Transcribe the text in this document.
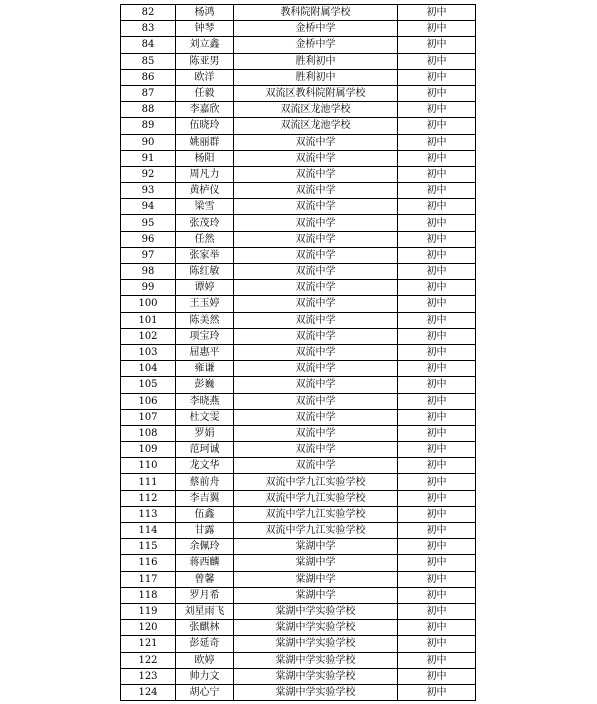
82	杨鸿	教科院附属学校	初中
83	钟琴	金桥中学	初中
84	刘立鑫	金桥中学	初中
85	陈亚男	胜利初中	初中
86	欧洋	胜利初中	初中
87	任毅	双流区教科院附属学校	初中
88	李嘉欣	双流区龙池学校	初中
89	伍晓玲	双流区龙池学校	初中
90	姚丽群	双流中学	初中
91	杨阳	双流中学	初中
92	周凡力	双流中学	初中
93	黄栌仪	双流中学	初中
94	梁雪	双流中学	初中
95	张茂玲	双流中学	初中
96	任然	双流中学	初中
97	张家举	双流中学	初中
98	陈红敏	双流中学	初中
99	谭婷	双流中学	初中
100	王玉婷	双流中学	初中
101	陈美然	双流中学	初中
102	项宝玲	双流中学	初中
103	屈惠平	双流中学	初中
104	雍谦	双流中学	初中
105	彭巍	双流中学	初中
106	李晓燕	双流中学	初中
107	杜文雯	双流中学	初中
108	罗娟	双流中学	初中
109	范珂诚	双流中学	初中
110	龙文华	双流中学	初中
111	蔡前舟	双流中学九江实验学校	初中
112	李吉翼	双流中学九江实验学校	初中
113	伍鑫	双流中学九江实验学校	初中
114	甘露	双流中学九江实验学校	初中
115	余佩玲	棠湖中学	初中
116	蒋西麟	棠湖中学	初中
117	曾馨	棠湖中学	初中
118	罗月希	棠湖中学	初中
119	刘星雨飞	棠湖中学实验学校	初中
120	张麒林	棠湖中学实验学校	初中
121	彭延奇	棠湖中学实验学校	初中
122	欧婷	棠湖中学实验学校	初中
123	帅力文	棠湖中学实验学校	初中
124	胡心宁	棠湖中学实验学校	初中
